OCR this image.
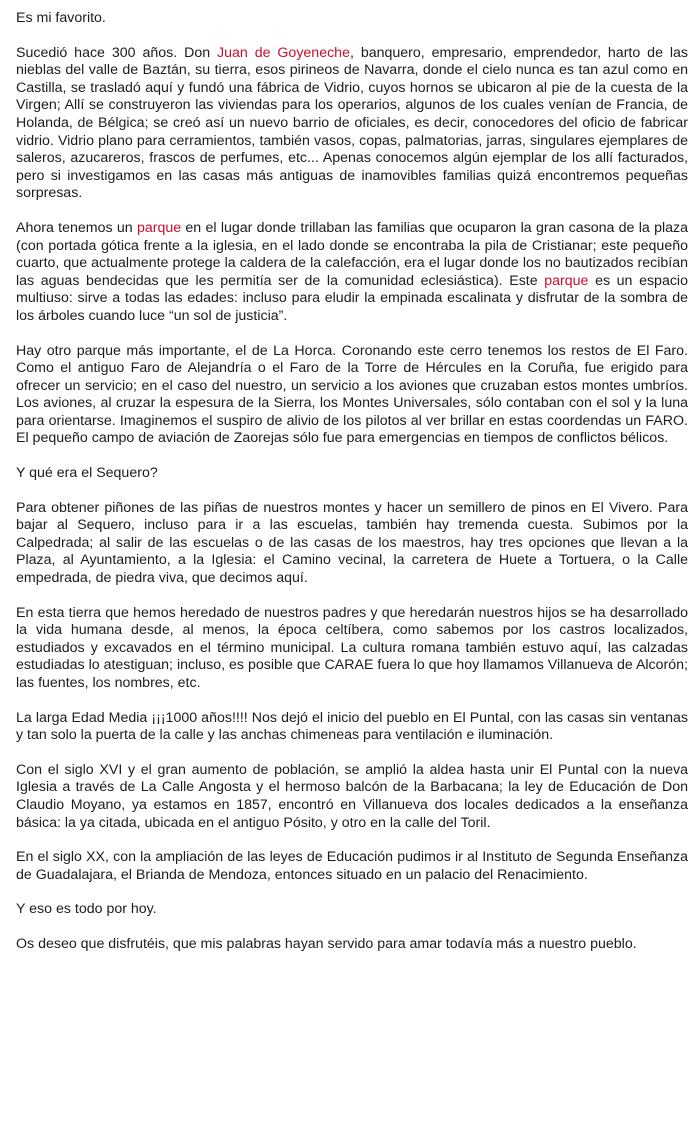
Es mi favorito.

Sucedió hace 300 años. Don Juan de Goyeneche, banquero, empresario, emprendedor, harto de las nieblas del valle de Baztán, su tierra, esos pirineos de Navarra, donde el cielo nunca es tan azul como en Castilla, se trasladó aquí y fundó una fábrica de Vidrio, cuyos hornos se ubicaron al pie de la cuesta de la Virgen; Allí se construyeron las viviendas para los operarios, algunos de los cuales venían de Francia, de Holanda, de Bélgica; se creó así un nuevo barrio de oficiales, es decir, conocedores del oficio de fabricar vidrio. Vidrio plano para cerramientos, también vasos, copas, palmatorias, jarras, singulares ejemplares de saleros, azucareros, frascos de perfumes, etc... Apenas conocemos algún ejemplar de los allí facturados, pero si investigamos en las casas más antiguas de inamovibles familias quizá encontremos pequeñas sorpresas.

Ahora tenemos un parque en el lugar donde trillaban las familias que ocuparon la gran casona de la plaza (con portada gótica frente a la iglesia, en el lado donde se encontraba la pila de Cristianar; este pequeño cuarto, que actualmente protege la caldera de la calefacción, era el lugar donde los no bautizados recibían las aguas bendecidas que les permitía ser de la comunidad eclesiástica). Este parque es un espacio multiuso: sirve a todas las edades: incluso para eludir la empinada escalinata y disfrutar de la sombra de los árboles cuando luce “un sol de justicia”.

Hay otro parque más importante, el de La Horca. Coronando este cerro tenemos los restos de El Faro. Como el antiguo Faro de Alejandría o el Faro de la Torre de Hércules en la Coruña, fue erigido para ofrecer un servicio; en el caso del nuestro, un servicio a los aviones que cruzaban estos montes umbríos. Los aviones, al cruzar la espesura de la Sierra, los Montes Universales, sólo contaban con el sol y la luna para orientarse. Imaginemos el suspiro de alivio de los pilotos al ver brillar en estas coordendas un FARO. El pequeño campo de aviación de Zaorejas sólo fue para emergencias en tiempos de conflictos bélicos.

Y qué era el Sequero?

Para obtener piñones de las piñas de nuestros montes y hacer un semillero de pinos en El Vivero. Para bajar al Sequero, incluso para ir a las escuelas, también hay tremenda cuesta. Subimos por la Calpedrada; al salir de las escuelas o de las casas de los maestros, hay tres opciones que llevan a la Plaza, al Ayuntamiento, a la Iglesia: el Camino vecinal, la carretera de Huete a Tortuera, o la Calle empedrada, de piedra viva, que decimos aquí.

En esta tierra que hemos heredado de nuestros padres y que heredarán nuestros hijos se ha desarrollado la vida humana desde, al menos, la época celtíbera, como sabemos por los castros localizados, estudiados y excavados en el término municipal. La cultura romana también estuvo aquí, las calzadas estudiadas lo atestiguan; incluso, es posible que CARAE fuera lo que hoy llamamos Villanueva de Alcorón; las fuentes, los nombres, etc.

La larga Edad Media ¡¡¡1000 años!!!! Nos dejó el inicio del pueblo en El Puntal, con las casas sin ventanas y tan solo la puerta de la calle y las anchas chimeneas para ventilación e iluminación.

Con el siglo XVI y el gran aumento de población, se amplió la aldea hasta unir El Puntal con la nueva Iglesia a través de La Calle Angosta y el hermoso balcón de la Barbacana; la ley de Educación de Don Claudio Moyano, ya estamos en 1857, encontró en Villanueva dos locales dedicados a la enseñanza básica: la ya citada, ubicada en el antiguo Pósito, y otro en la calle del Toril.

En el siglo XX, con la ampliación de las leyes de Educación pudimos ir al Instituto de Segunda Enseñanza de Guadalajara, el Brianda de Mendoza, entonces situado en un palacio del Renacimiento.

Y eso es todo por hoy.

Os deseo que disfrutéis, que mis palabras hayan servido para amar todavía más a nuestro pueblo.
